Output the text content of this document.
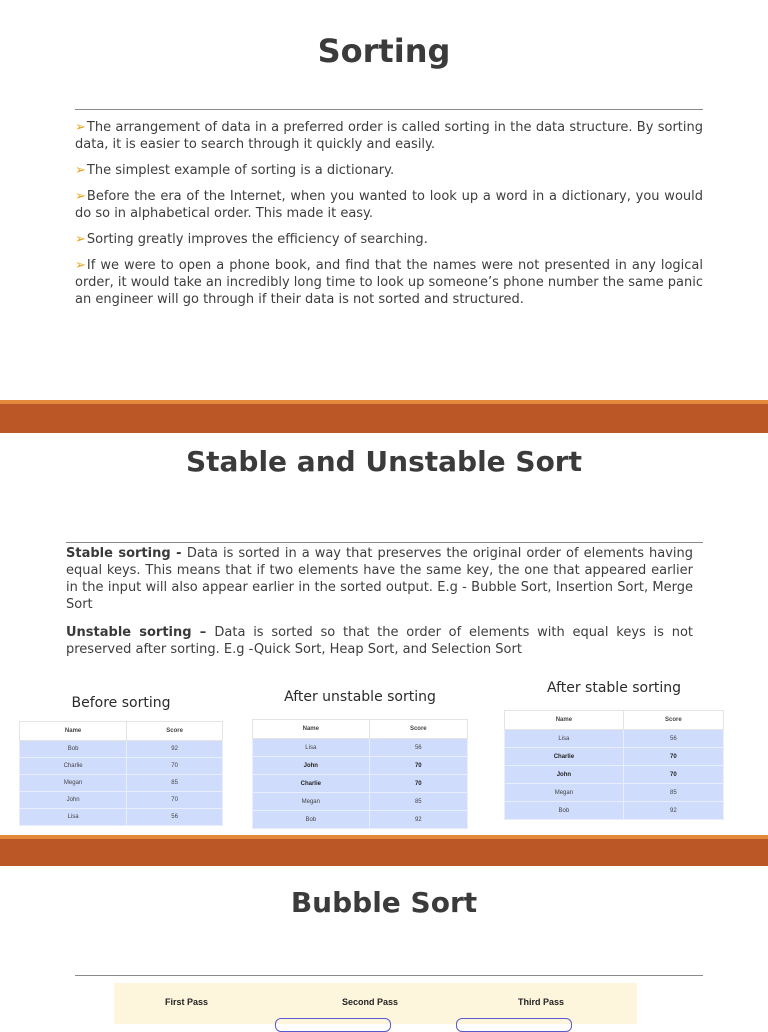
Sorting
➢The arrangement of data in a preferred order is called sorting in the data structure. By sorting data, it is easier to search through it quickly and easily.
➢The simplest example of sorting is a dictionary.
➢Before the era of the Internet, when you wanted to look up a word in a dictionary, you would do so in alphabetical order. This made it easy.
➢Sorting greatly improves the efficiency of searching.
➢If we were to open a phone book, and find that the names were not presented in any logical order, it would take an incredibly long time to look up someone’s phone number the same panic an engineer will go through if their data is not sorted and structured.
Stable and Unstable Sort

Stable sorting - Data is sorted in a way that preserves the original order of elements having equal keys. This means that if two elements have the same key, the one that appeared earlier in the input will also appear earlier in the sorted output. E.g - Bubble Sort, Insertion Sort, Merge Sort

Unstable sorting – Data is sorted so that the order of elements with equal keys is not preserved after sorting. E.g -Quick Sort, Heap Sort, and Selection Sort

Before sorting
Name	Score
Bob	92
Charlie	70
Megan	85
John	70
Lisa	56
After unstable sorting
Name	Score
Lisa	56
John	70
Charlie	70
Megan	85
Bob	92
After stable sorting
Name	Score
Lisa	56
Charlie	70
John	70
Megan	85
Bob	92
Bubble Sort
First Pass	Second Pass	Third Pass
